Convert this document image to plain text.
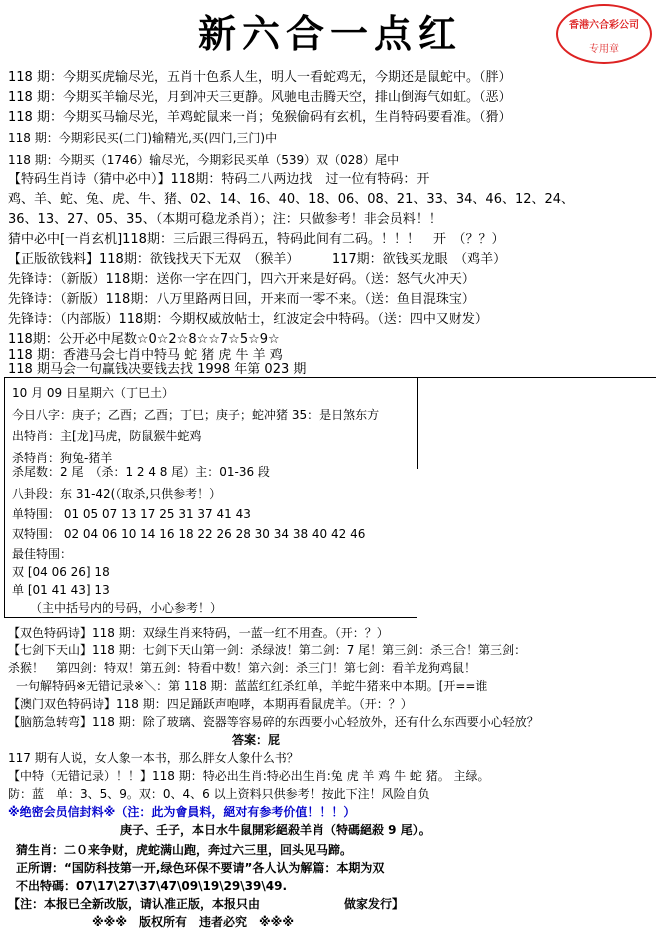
新六合一点红	香港六合彩公司
专用章
118 期：今期买虎输尽光，五肖十色系人生，明人一看蛇鸡无，今期还是鼠蛇中。（胖）
118 期：今期买羊输尽光，月到冲天三更静。风驰电击腾天空，排山倒海气如虹。（恶）
118 期：今期买马输尽光，羊鸡蛇鼠来一肖；兔猴偷码有玄机，生肖特码要看准。（猾）
118 期：今期彩民买(二门)输精光,买(四门,三门)中
118 期：今期买（1746）输尽光，今期彩民买单（539）双（028）尾中
【特码生肖诗（猜中必中）】118期：特码二八两边找　过一位有特码：开
鸡、羊、蛇、兔、虎、牛、猪、02、14、16、40、18、06、08、21、33、34、46、12、24、
36、13、27、05、35、（本期可稳龙杀肖）；注：只做参考！非会员料！！
猜中必中[一肖玄机]118期：三后跟三得码五，特码此间有二码。！！！　开　（？？）
【正版欲钱料】118期：欲钱找天下无双　（猴羊）　　　117期：欲钱买龙眼　（鸡羊）
先锋诗：（新版）118期：送你一字在四门，四六开来是好码。（送：怒气火冲天）
先锋诗：（新版）118期：八万里路两日回，开来而一零不来。（送：鱼目混珠宝）
先锋诗：（内部版）118期：今期权威放帖士，红波定会中特码。（送：四中又财发）
118期：公开必中尾数☆0☆2☆8☆☆7☆5☆9☆
118 期：香港马会七肖中特马 蛇 猪 虎 牛 羊 鸡
118 期马会一句赢钱决要钱去找 1998 年第 023 期
10 月 09 日星期六（丁巳土）
今日八字：庚子；乙酉；乙酉；丁巳；庚子；蛇冲猪 35：是日煞东方
出特肖：主[龙]马虎，防鼠猴牛蛇鸡
杀特肖：狗兔-猪羊
杀尾数：2 尾　（杀：1 2 4 8 尾）主：01-36 段
八卦段：东 31-42(（取杀,只供参考！）
单特围： 01 05 07 13 17 25 31 37 41 43
双特围： 02 04 06 10 14 16 18 22 26 28 30 34 38 40 42 46
最佳特围：
双 [04 06 26] 18
单 [01 41 43] 13
（主中括号内的号码，小心参考！）
【双色特码诗】118 期：双绿生肖来特码，一蓝一红不用查。（开：？）
【七剑下天山】118 期：七剑下天山第一剑：杀绿波！第二剑：7 尾！第三剑：杀三合！第三剑：
杀猴！　第四剑：特双！第五剑：特看中数！第六剑：杀三门！第七剑：看羊龙狗鸡鼠！
一句解特码※无错记录※＼：第 118 期：蓝蓝红红杀红单，羊蛇牛猪来中本期。[开==谁
【澳门双色特码诗】118 期：四足踊跃声咆哮，本期再看鼠虎羊。（开：？）
【脑筋急转弯】118 期：除了玻璃、瓷器等容易碎的东西要小心轻放外，还有什么东西要小心轻放？
答案：屁
117 期有人说，女人象一本书，那么胖女人象什么书？
【中特（无错记录）！！】118 期：特必出生肖:特必出生肖:兔 虎 羊 鸡 牛 蛇 猪。 主绿。
防：蓝　单：3、5、9。双：0、4、6 以上资料只供参考！按此下注！风险自负
※绝密会员信封料※（注：此为會員料，絕对有参考价值！！！）
庚子、壬子，本日水牛鼠開彩絕殺羊肖（特碼絕殺 9 尾）。
猜生肖：二０来争财，虎蛇满山跑，奔过六三里，回头见马蹄。
正所谓：“国防科技第一开,绿色环保不要请”各人认为解篇：本期为双
不出特碼：07\17\27\37\47\09\19\29\39\49.
【注：本报已全新改版，请认准正版，本报只由　　　　　　　做家发行】
※※※　版权所有　违者必究　※※※
